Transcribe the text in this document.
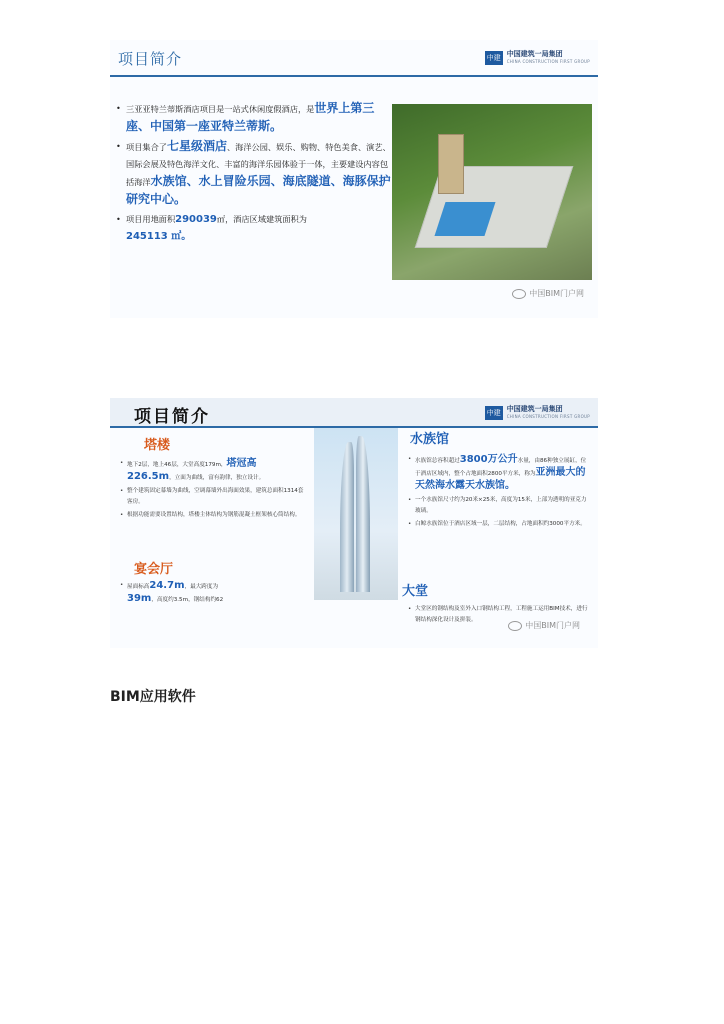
项目简介	中建 中国建筑一局集团
CHINA CONSTRUCTION FIRST GROUP

• 三亚亚特兰蒂斯酒店项目是一站式休闲度假酒店，是世界上第三座、中国第一座亚特兰蒂斯。

• 项目集合了七星级酒店、海洋公园、娱乐、购物、特色美食、演艺、国际会展及特色海洋文化、丰富的海洋乐园体验于一体，主要建设内容包括海洋水族馆、水上冒险乐园、海底隧道、海豚保护研究中心。

• 项目用地面积290039㎡，酒店区域建筑面积为
245113 ㎡。

中国BIM门户网
项目简介	中建 中国建筑一局集团
CHINA CONSTRUCTION FIRST GROUP
塔楼

• 地下2层，地上46层，大堂高度179m，塔冠高226.5m，立面为曲线，富有韵律，独立设计。

• 整个建筑固定幕墙为曲线，空调幕墙外出海面效果，建筑总面积1314套客房。

• 根据功能需要设置结构，塔楼主体结构为钢筋混凝土框架核心筒结构。

宴会厅

• 屋面标高24.7m，最大跨度为
39m，高度约3.5m，钢结构约62

水族馆

• 水族馆总容积超过3800万公升水量，由86种独立展缸，位于酒店区域内，整个占地面积2800平方米，称为亚洲最大的天然海水露天水族馆。

• 一个水族馆尺寸约为20米×25米，高度为15米，上部为透明的亚克力玻璃。

• 白鲸水族馆位于酒店区域一层，二层结构，占地面积约3000平方米。

大堂

• 大堂区的钢结构及室外入口钢结构工程，工程施工运用BIM技术，进行钢结构深化设计及拼装。

中国BIM门户网
BIM应用软件
